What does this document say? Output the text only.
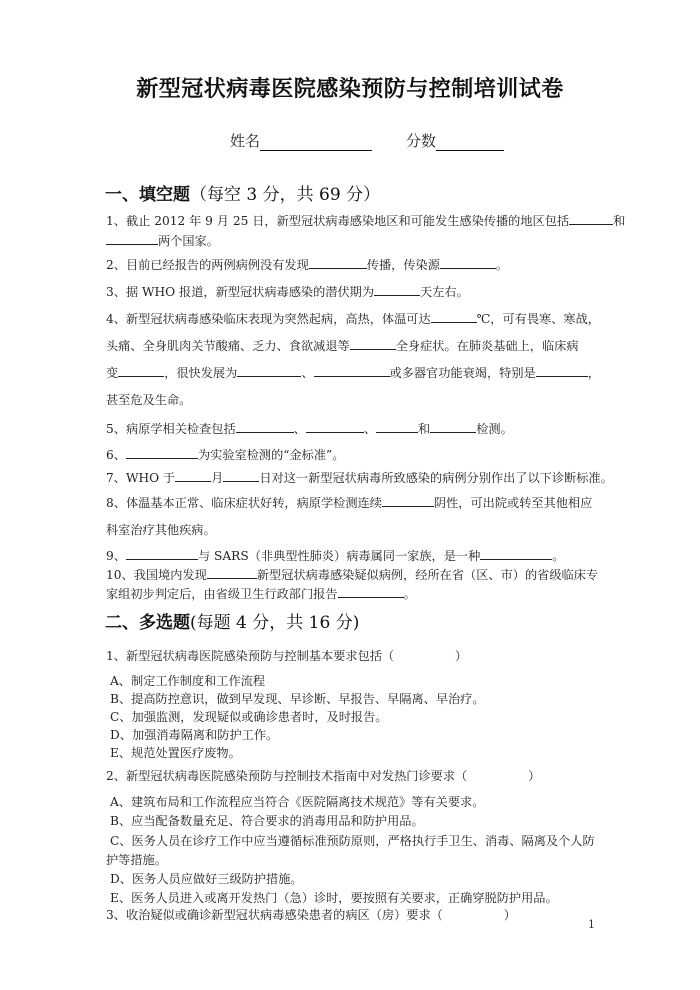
新型冠状病毒医院感染预防与控制培训试卷
姓名	分数
一、填空题（每空 3 分，共 69 分）
1、截止 2012 年 9 月 25 日，新型冠状病毒感染地区和可能发生感染传播的地区包括	和
两个国家。
2、目前已经报告的两例病例没有发现	传播，传染源	。
3、据 WHO 报道，新型冠状病毒感染的潜伏期为	天左右。
4、新型冠状病毒感染临床表现为突然起病，高热，体温可达	℃，可有畏寒、寒战，
头痛、全身肌肉关节酸痛、乏力、食欲减退等	全身症状。在肺炎基础上，临床病
变	，很快发展为	、	或多器官功能衰竭，特别是	，
甚至危及生命。
5、病原学相关检查包括	、	、	和	检测。
6、	为实验室检测的“金标准”。
7、WHO 于	月	日对这一新型冠状病毒所致感染的病例分别作出了以下诊断标准。
8、体温基本正常、临床症状好转，病原学检测连续	阴性，可出院或转至其他相应
科室治疗其他疾病。
9、	与 SARS（非典型性肺炎）病毒属同一家族，是一种	。
10、我国境内发现	新型冠状病毒感染疑似病例，经所在省（区、市）的省级临床专
家组初步判定后，由省级卫生行政部门报告	。
二、多选题(每题 4 分，共 16 分)
1、新型冠状病毒医院感染预防与控制基本要求包括（　　　　　）
A、制定工作制度和工作流程
B、提高防控意识，做到早发现、早诊断、早报告、早隔离、早治疗。
C、加强监测，发现疑似或确诊患者时，及时报告。
D、加强消毒隔离和防护工作。
E、规范处置医疗废物。
2、新型冠状病毒医院感染预防与控制技术指南中对发热门诊要求（　　　　　）
A、建筑布局和工作流程应当符合《医院隔离技术规范》等有关要求。
B、应当配备数量充足、符合要求的消毒用品和防护用品。
C、医务人员在诊疗工作中应当遵循标准预防原则，严格执行手卫生、消毒、隔离及个人防
护等措施。
D、医务人员应做好三级防护措施。
E、医务人员进入或离开发热门（急）诊时，要按照有关要求，正确穿脱防护用品。
3、收治疑似或确诊新型冠状病毒感染患者的病区（房）要求（　　　　　）
1
